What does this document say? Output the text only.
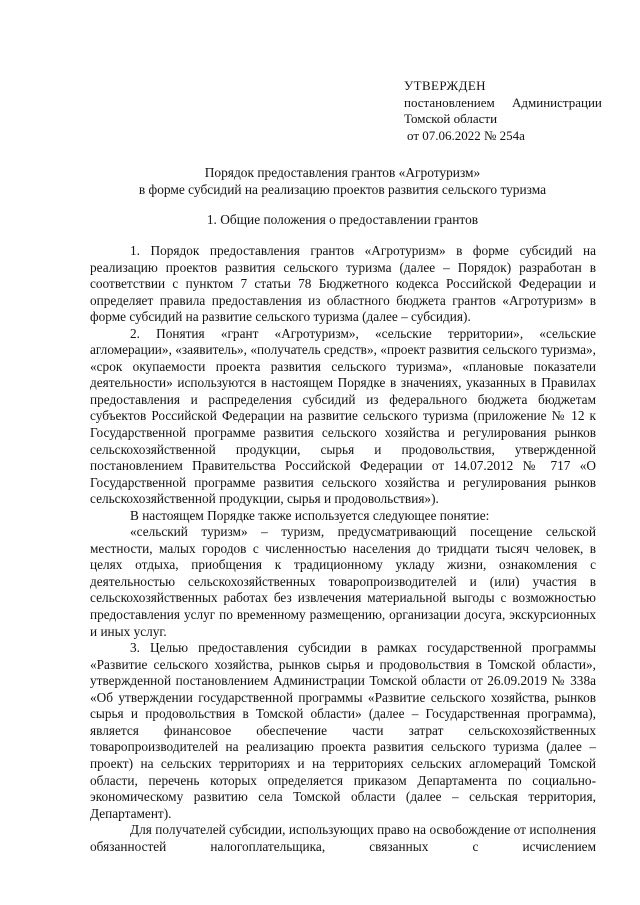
УТВЕРЖДЕН
постановлением Администрации
Томской области
от 07.06.2022 № 254а
Порядок предоставления грантов «Агротуризм»
в форме субсидий на реализацию проектов развития сельского туризма
1. Общие положения о предоставлении грантов

1. Порядок предоставления грантов «Агротуризм» в форме субсидий на реализацию проектов развития сельского туризма (далее – Порядок) разработан в соответствии с пунктом 7 статьи 78 Бюджетного кодекса Российской Федерации и определяет правила предоставления из областного бюджета грантов «Агротуризм» в форме субсидий на развитие сельского туризма (далее – субсидия).

2. Понятия «грант «Агротуризм», «сельские территории», «сельские агломерации», «заявитель», «получатель средств», «проект развития сельского туризма», «срок окупаемости проекта развития сельского туризма», «плановые показатели деятельности» используются в настоящем Порядке в значениях, указанных в Правилах предоставления и распределения субсидий из федерального бюджета бюджетам субъектов Российской Федерации на развитие сельского туризма (приложение № 12 к Государственной программе развития сельского хозяйства и регулирования рынков сельскохозяйственной продукции, сырья и продовольствия, утвержденной постановлением Правительства Российской Федерации от 14.07.2012 № 717 «О Государственной программе развития сельского хозяйства и регулирования рынков сельскохозяйственной продукции, сырья и продовольствия»).

В настоящем Порядке также используется следующее понятие:

«сельский туризм» – туризм, предусматривающий посещение сельской местности, малых городов с численностью населения до тридцати тысяч человек, в целях отдыха, приобщения к традиционному укладу жизни, ознакомления с деятельностью сельскохозяйственных товаропроизводителей и (или) участия в сельскохозяйственных работах без извлечения материальной выгоды с возможностью предоставления услуг по временному размещению, организации досуга, экскурсионных и иных услуг.

3. Целью предоставления субсидии в рамках государственной программы «Развитие сельского хозяйства, рынков сырья и продовольствия в Томской области», утвержденной постановлением Администрации Томской области от 26.09.2019 № 338а «Об утверждении государственной программы «Развитие сельского хозяйства, рынков сырья и продовольствия в Томской области» (далее – Государственная программа), является финансовое обеспечение части затрат сельскохозяйственных товаропроизводителей на реализацию проекта развития сельского туризма (далее – проект) на сельских территориях и на территориях сельских агломераций Томской области, перечень которых определяется приказом Департамента по социально-экономическому развитию села Томской области (далее – сельская территория, Департамент).

Для получателей субсидии, использующих право на освобождение от исполнения обязанностей налогоплательщика, связанных с исчислением
